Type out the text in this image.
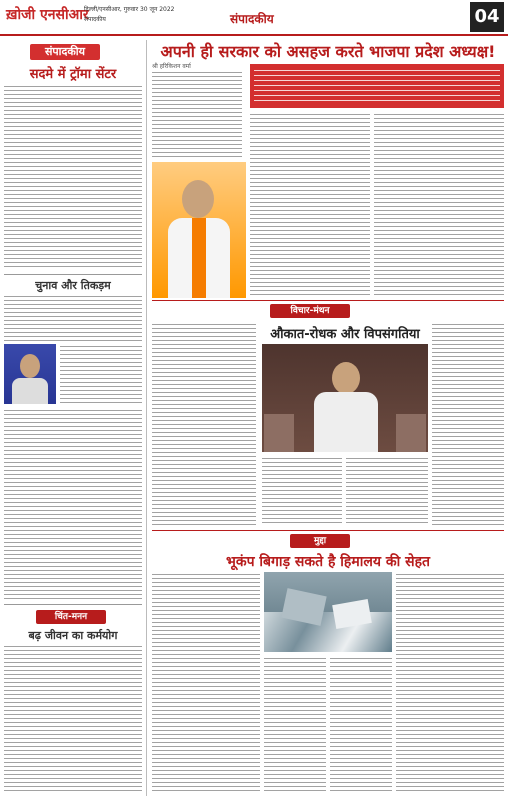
ख़ोजी एनसीआर
दिल्ली/एनसीआर, गुरुवार 30 जून 2022
संपादकीय	संपादकीय	04
संपादकीय
सदमे में ट्रॉमा सेंटर
चुनाव और तिकड़म
चिंत-मनन
बढ़ जीवन का कर्मयोग
अपनी ही सरकार को असहज करते भाजपा प्रदेश अध्यक्ष!
श्री हरिकिशन वर्मा
विचार-मंथन
औकात-रोधक और विपसंगतिया
मुद्दा
भूकंप बिगाड़ सकते है हिमालय की सेहत
